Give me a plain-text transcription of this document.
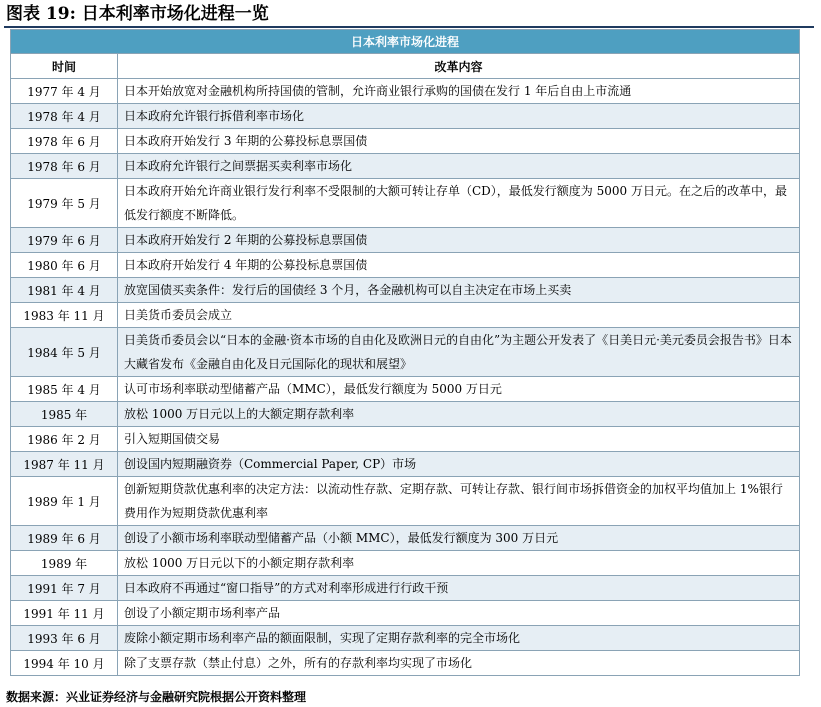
图表 19: 日本利率市场化进程一览
日本利率市场化进程	
时间	改革内容
1977 年 4 月	日本开始放宽对金融机构所持国债的管制，允许商业银行承购的国债在发行 1 年后自由上市流通
1978 年 4 月	日本政府允许银行拆借利率市场化
1978 年 6 月	日本政府开始发行 3 年期的公募投标息票国债
1978 年 6 月	日本政府允许银行之间票据买卖利率市场化
1979 年 5 月	日本政府开始允许商业银行发行利率不受限制的大额可转让存单（CD），最低发行额度为 5000 万日元。在之后的改革中，最低发行额度不断降低。
1979 年 6 月	日本政府开始发行 2 年期的公募投标息票国债
1980 年 6 月	日本政府开始发行 4 年期的公募投标息票国债
1981 年 4 月	放宽国债买卖条件：发行后的国债经 3 个月，各金融机构可以自主决定在市场上买卖
1983 年 11 月	日美货币委员会成立
1984 年 5 月	日美货币委员会以“日本的金融·资本市场的自由化及欧洲日元的自由化”为主题公开发表了《日美日元·美元委员会报告书》日本大藏省发布《金融自由化及日元国际化的现状和展望》
1985 年 4 月	认可市场利率联动型储蓄产品（MMC），最低发行额度为 5000 万日元
1985 年	放松 1000 万日元以上的大额定期存款利率
1986 年 2 月	引入短期国债交易
1987 年 11 月	创设国内短期融资券（Commercial Paper, CP）市场
1989 年 1 月	创新短期贷款优惠利率的决定方法：以流动性存款、定期存款、可转让存款、银行间市场拆借资金的加权平均值加上 1%银行费用作为短期贷款优惠利率
1989 年 6 月	创设了小额市场利率联动型储蓄产品（小额 MMC），最低发行额度为 300 万日元
1989 年	放松 1000 万日元以下的小额定期存款利率
1991 年 7 月	日本政府不再通过“窗口指导”的方式对利率形成进行行政干预
1991 年 11 月	创设了小额定期市场利率产品
1993 年 6 月	废除小额定期市场利率产品的额面限制，实现了定期存款利率的完全市场化
1994 年 10 月	除了支票存款（禁止付息）之外，所有的存款利率均实现了市场化
数据来源：兴业证券经济与金融研究院根据公开资料整理
